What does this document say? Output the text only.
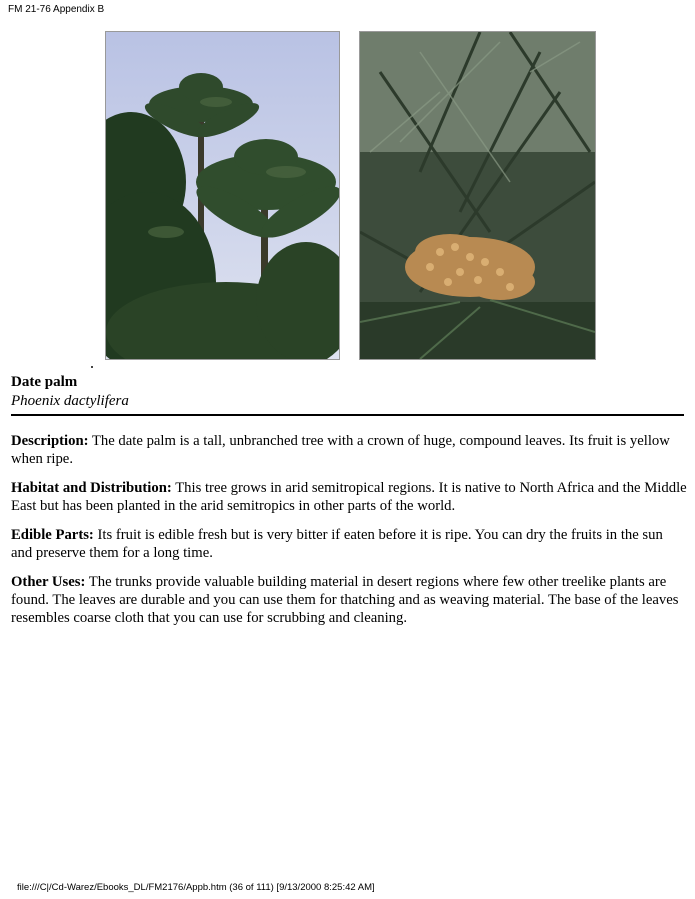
FM 21-76 Appendix B
Date palm
Phoenix dactylifera

Description: The date palm is a tall, unbranched tree with a crown of huge, compound leaves. Its fruit is yellow when ripe.

Habitat and Distribution: This tree grows in arid semitropical regions. It is native to North Africa and the Middle East but has been planted in the arid semitropics in other parts of the world.

Edible Parts: Its fruit is edible fresh but is very bitter if eaten before it is ripe. You can dry the fruits in the sun and preserve them for a long time.

Other Uses: The trunks provide valuable building material in desert regions where few other treelike plants are found. The leaves are durable and you can use them for thatching and as weaving material. The base of the leaves resembles coarse cloth that you can use for scrubbing and cleaning.

file:///C|/Cd-Warez/Ebooks_DL/FM2176/Appb.htm (36 of 111) [9/13/2000 8:25:42 AM]
